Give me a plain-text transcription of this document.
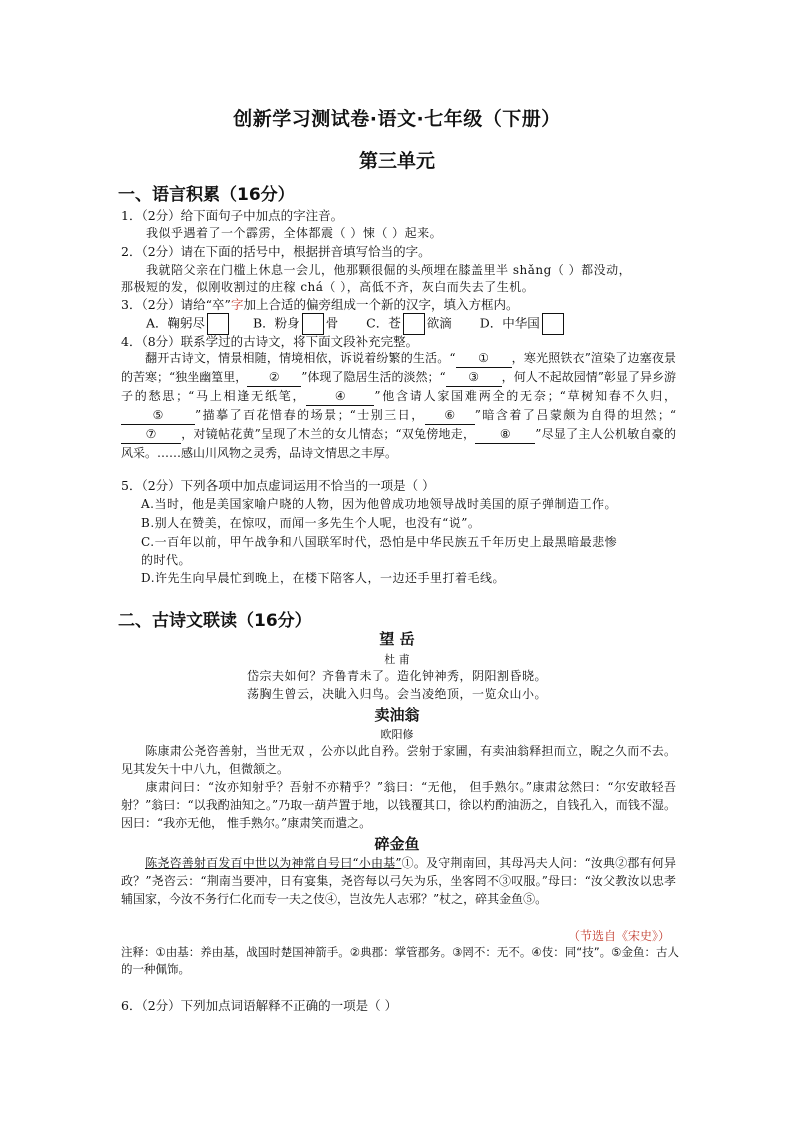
创新学习测试卷·语文·七年级（下册）
第三单元
一、语言积累（16分）
1．（2分）给下面句子中加点的字注音。
我似乎遇着了一个霹雳，全体都震（ ）悚（ ）起来。
2．（2分）请在下面的括号中，根据拼音填写恰当的字。
我就陪父亲在门槛上休息一会儿，他那颗很倔的头颅埋在膝盖里半 shǎng（ ）都没动，
那极短的发，似刚收割过的庄稼 chá（ ），高低不齐，灰白而失去了生机。
3．（2分）请给“卒”字加上合适的偏旁组成一个新的汉字，填入方框内。
A．鞠躬尽	B．粉身 骨 C．苍 欲滴 D．中华国
4．（8分）联系学过的古诗文，将下面文段补充完整。
翻开古诗文，情景相随，情境相依，诉说着纷繁的生活。“ ① ，寒光照铁衣”渲染了边塞夜景的苦寒；“独坐幽篁里， ② ”体现了隐居生活的淡然；“ ③ ，何人不起故园情”彰显了异乡游子的愁思；“马上相逢无纸笔， ④ ”他含请人家国难两全的无奈；“草树知春不久归，⑤	”描摹了百花惜春的场景；“士别三日， ⑥ ”暗含着了吕蒙颇为自得的坦然；“⑦ ，对镜帖花黄”呈现了木兰的女儿情态；“双兔傍地走， ⑧ ”尽显了主人公机敏自豪的风采。……感山川风物之灵秀，品诗文情思之丰厚。
5．（2分）下列各项中加点虚词运用不恰当的一项是（ ）
A.当时，他是美国家喻户晓的人物，因为他曾成功地领导战时美国的原子弹制造工作。
B.别人在赞美，在惊叹，而闻一多先生个人呢，也没有“说”。
C.一百年以前，甲午战争和八国联军时代，恐怕是中华民族五千年历史上最黑暗最悲惨
的时代。
D.许先生向早晨忙到晚上，在楼下陪客人，一边还手里打着毛线。
二、古诗文联读（16分）
望 岳
杜 甫
岱宗夫如何？齐鲁青未了。造化钟神秀，阴阳割昏晓。
荡胸生曾云，决眦入归鸟。会当凌绝顶，一览众山小。
卖油翁
欧阳修
陈康肃公尧咨善射，当世无双 ，公亦以此自矜。尝射于家圃，有卖油翁释担而立，睨之久而不去。见其发矢十中八九，但微颔之。
康肃问曰：“汝亦知射乎？吾射不亦精乎？”翁曰：“无他， 但手熟尔。”康肃忿然曰：“尔安敢轻吾射？”翁曰：“以我酌油知之。”乃取一葫芦置于地，以钱覆其口，徐以杓酌油沥之，自钱孔入，而钱不湿。因曰：“我亦无他， 惟手熟尔。”康肃笑而遣之。
碎金鱼
陈尧咨善射百发百中世以为神常自号曰“小由基”①。及守荆南回，其母冯夫人问：“汝典②郡有何异政？”尧咨云：“荆南当要冲，日有宴集，尧咨每以弓矢为乐，坐客罔不③叹服。”母曰：“汝父教汝以忠孝辅国家，今汝不务行仁化而专一夫之伎④，岂汝先人志邪？”杖之，碎其金鱼⑤。
（节选自《宋史》）
注释：①由基：养由基，战国时楚国神箭手。②典郡：掌管郡务。③罔不：无不。④伎：同“技”。⑤金鱼：古人的一种佩饰。
6．（2分）下列加点词语解释不正确的一项是（ ）
